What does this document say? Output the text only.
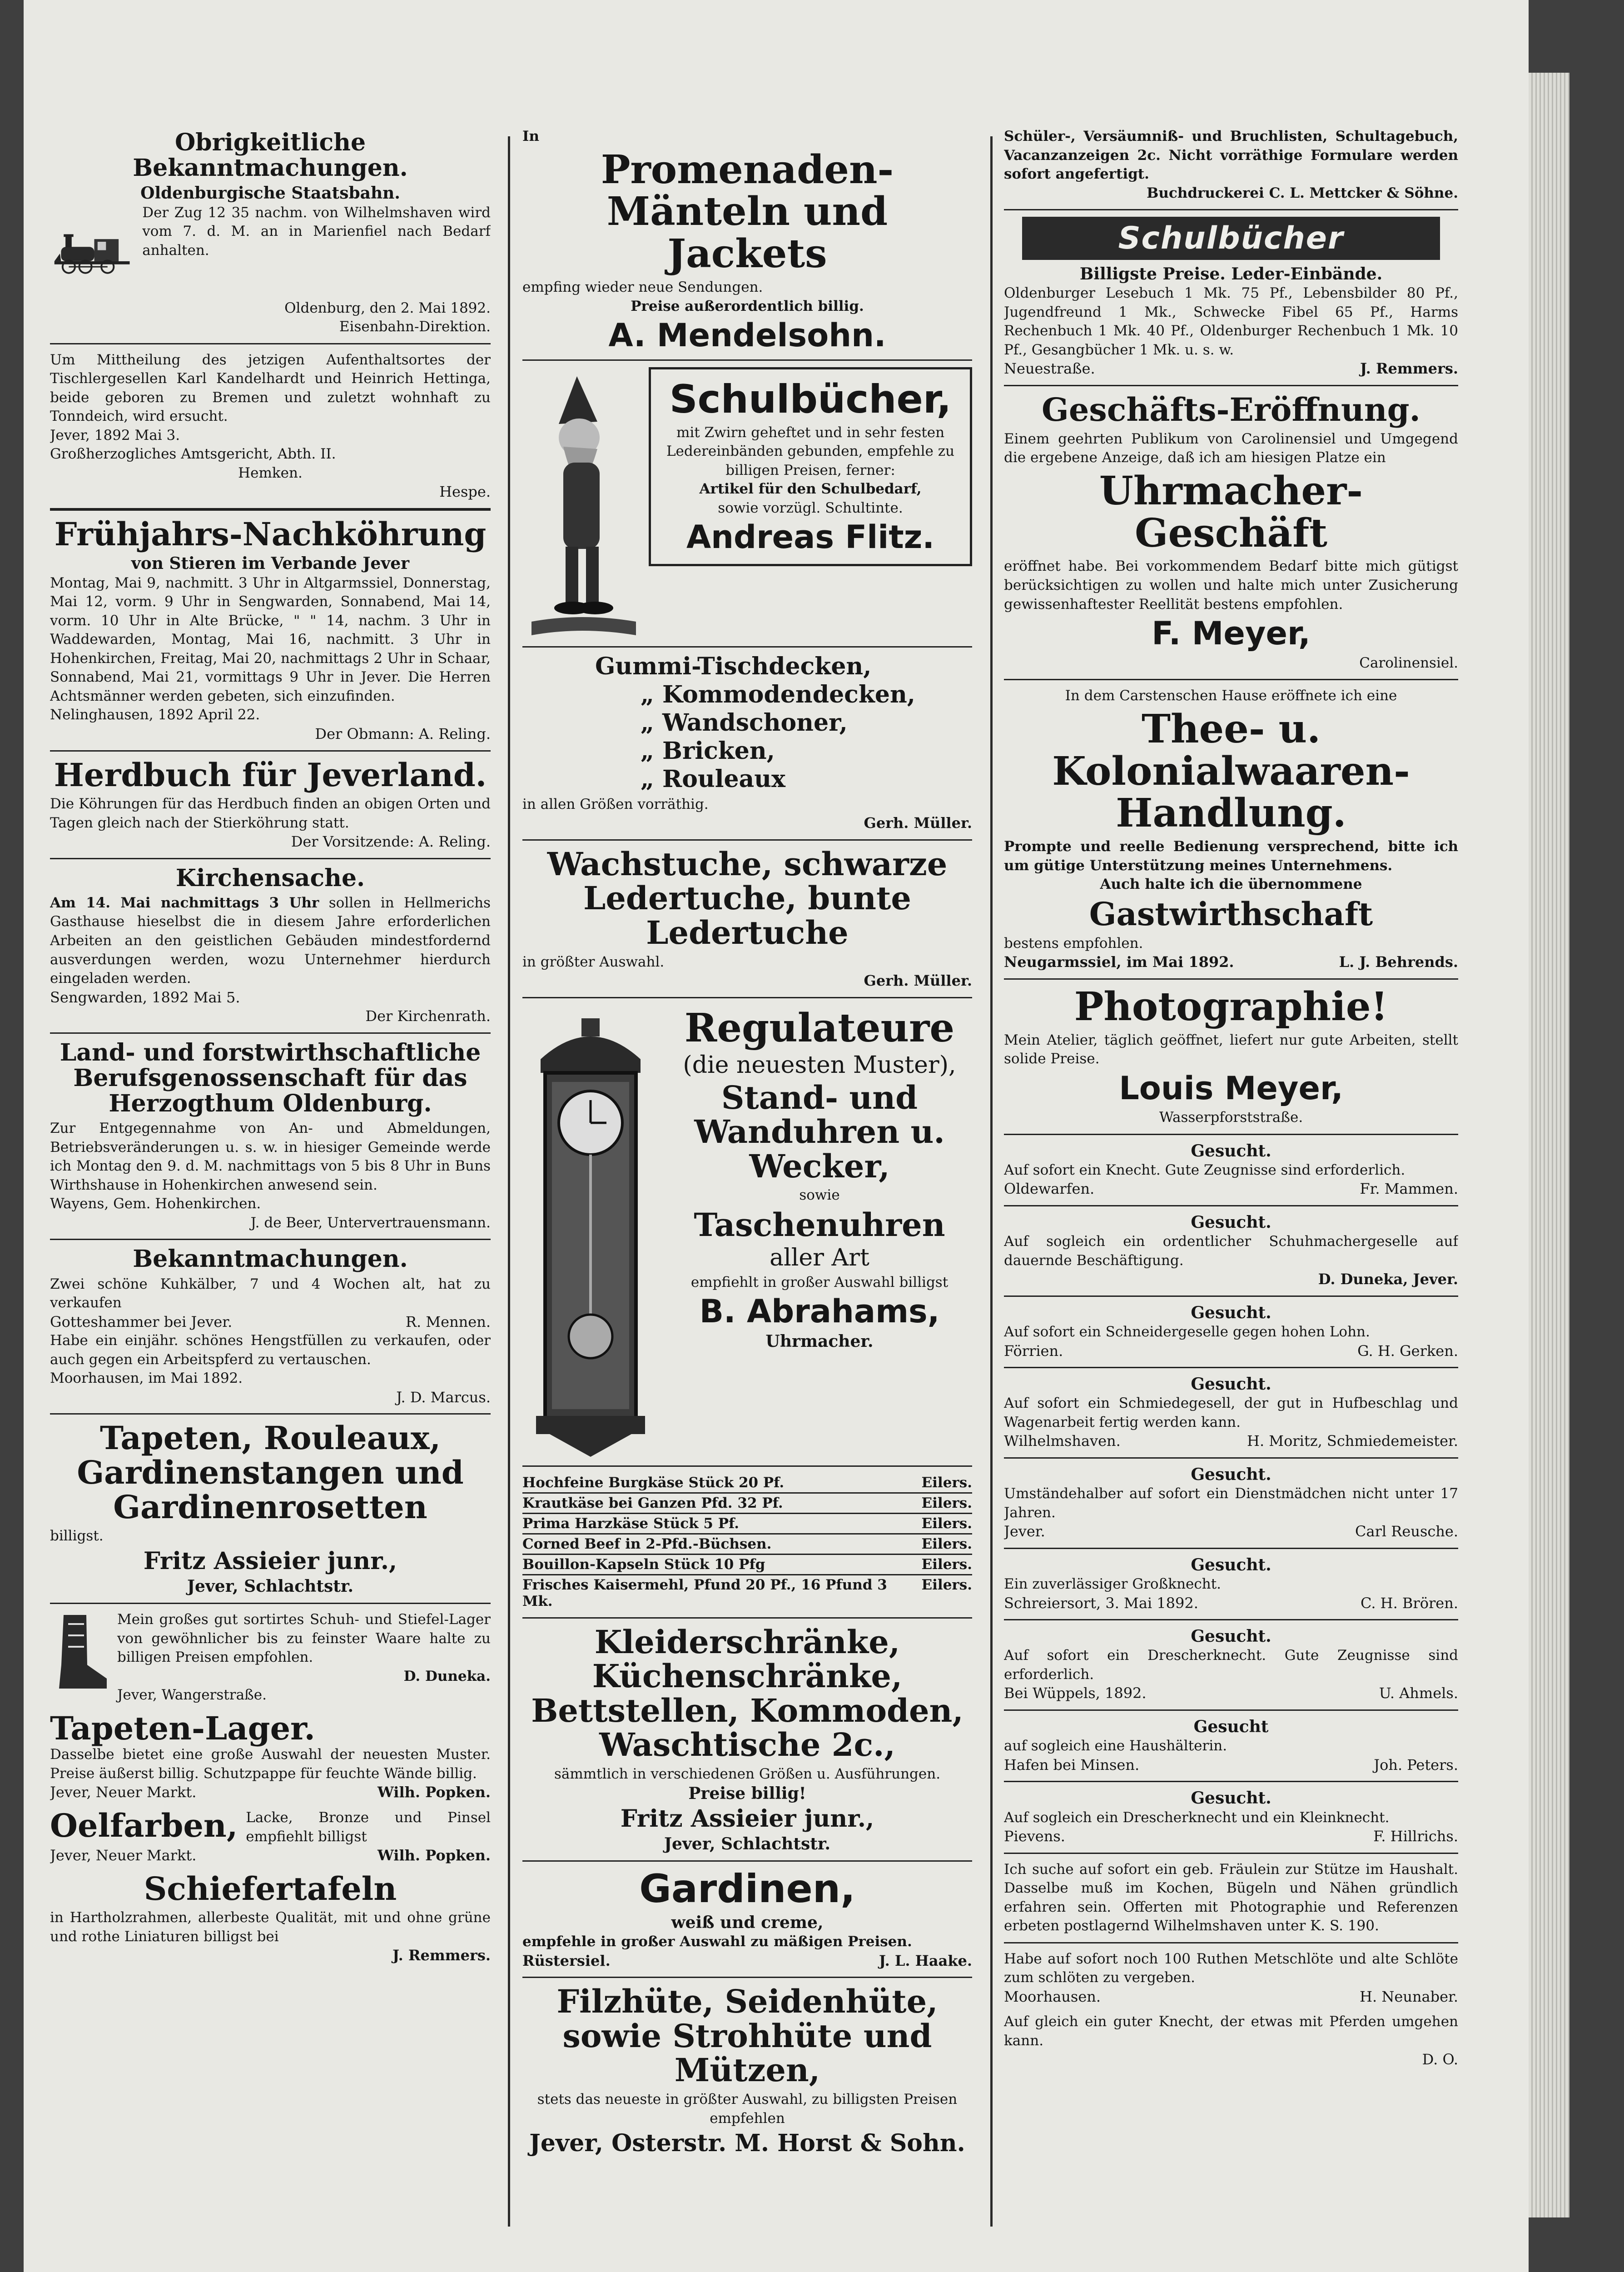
Obrigkeitliche Bekanntmachungen.
Oldenburgische Staatsbahn.
Der Zug 12 35 nachm. von Wilhelmshaven wird vom 7. d. M. an in Marienfiel nach Bedarf anhalten.
Oldenburg, den 2. Mai 1892.
Eisenbahn-Direktion.
Um Mittheilung des jetzigen Aufenthaltsortes der Tischlergesellen Karl Kandelhardt und Heinrich Hettinga, beide geboren zu Bremen und zuletzt wohnhaft zu Tonndeich, wird ersucht.
Jever, 1892 Mai 3.
Großherzogliches Amtsgericht, Abth. II.
Hemken.
Hespe.
Frühjahrs-Nachköhrung
von Stieren im Verbande Jever
Montag, Mai 9, nachmitt. 3 Uhr in Altgarmssiel, Donnerstag, Mai 12, vorm. 9 Uhr in Sengwarden, Sonnabend, Mai 14, vorm. 10 Uhr in Alte Brücke, " " 14, nachm. 3 Uhr in Waddewarden, Montag, Mai 16, nachmitt. 3 Uhr in Hohenkirchen, Freitag, Mai 20, nachmittags 2 Uhr in Schaar, Sonnabend, Mai 21, vormittags 9 Uhr in Jever. Die Herren Achtsmänner werden gebeten, sich einzufinden.
Nelinghausen, 1892 April 22.
Der Obmann: A. Reling.
Herdbuch für Jeverland.
Die Köhrungen für das Herdbuch finden an obigen Orten und Tagen gleich nach der Stierköhrung statt.
Der Vorsitzende: A. Reling.
Kirchensache.
Am 14. Mai nachmittags 3 Uhr sollen in Hellmerichs Gasthause hieselbst die in diesem Jahre erforderlichen Arbeiten an den geistlichen Gebäuden mindestfordernd ausverdungen werden, wozu Unternehmer hierdurch eingeladen werden.
Sengwarden, 1892 Mai 5.
Der Kirchenrath.
Land- und forstwirthschaftliche Berufsgenossenschaft für das Herzogthum Oldenburg.
Zur Entgegennahme von An- und Abmeldungen, Betriebsveränderungen u. s. w. in hiesiger Gemeinde werde ich Montag den 9. d. M. nachmittags von 5 bis 8 Uhr in Buns Wirthshause in Hohenkirchen anwesend sein.
Wayens, Gem. Hohenkirchen.
J. de Beer, Untervertrauensmann.
Bekanntmachungen.
Zwei schöne Kuhkälber, 7 und 4 Wochen alt, hat zu verkaufen
Gotteshammer bei Jever.	R. Mennen.
Habe ein einjähr. schönes Hengstfüllen zu verkaufen, oder auch gegen ein Arbeitspferd zu vertauschen.
Moorhausen, im Mai 1892.
J. D. Marcus.
Tapeten, Rouleaux, Gardinenstangen und Gardinenrosetten
billigst.
Fritz Assieier junr.,
Jever, Schlachtstr.
Mein großes gut sortirtes Schuh- und Stiefel-Lager von gewöhnlicher bis zu feinster Waare halte zu billigen Preisen empfohlen.
D. Duneka.
Jever, Wangerstraße.
Tapeten-Lager.
Dasselbe bietet eine große Auswahl der neuesten Muster. Preise äußerst billig. Schutzpappe für feuchte Wände billig.
Jever, Neuer Markt.	Wilh. Popken.
Oelfarben, Lacke, Bronze und Pinsel empfiehlt billigst
Jever, Neuer Markt.	Wilh. Popken.
Schiefertafeln
in Hartholzrahmen, allerbeste Qualität, mit und ohne grüne und rothe Liniaturen billigst bei
J. Remmers.
In
Promenaden-Mänteln und Jackets
empfing wieder neue Sendungen.
Preise außerordentlich billig.
A. Mendelsohn.
Schulbücher,
mit Zwirn geheftet und in sehr festen Ledereinbänden gebunden, empfehle zu billigen Preisen, ferner:
Artikel für den Schulbedarf,
sowie vorzügl. Schultinte.
Andreas Flitz.
Gummi-Tischdecken,
„ Kommodendecken,
„ Wandschoner,
„ Bricken,
„ Rouleaux
in allen Größen vorräthig.
Gerh. Müller.
Wachstuche, schwarze Ledertuche, bunte Ledertuche
in größter Auswahl.
Gerh. Müller.
Regulateure
(die neuesten Muster),
Stand- und Wanduhren u. Wecker,
sowie
Taschenuhren
aller Art
empfiehlt in großer Auswahl billigst
B. Abrahams,
Uhrmacher.
Hochfeine Burgkäse Stück 20 Pf.	Eilers.
Krautkäse bei Ganzen Pfd. 32 Pf.	Eilers.
Prima Harzkäse Stück 5 Pf.	Eilers.
Corned Beef in 2-Pfd.-Büchsen.	Eilers.
Bouillon-Kapseln Stück 10 Pfg	Eilers.
Frisches Kaisermehl, Pfund 20 Pf., 16 Pfund 3 Mk.
Eilers.
Kleiderschränke, Küchenschränke, Bettstellen, Kommoden, Waschtische 2c.,
sämmtlich in verschiedenen Größen u. Ausführungen.
Preise billig!
Fritz Assieier junr.,
Jever, Schlachtstr.
Gardinen,
weiß und creme,
empfehle in großer Auswahl zu mäßigen Preisen.
Rüstersiel.	J. L. Haake.
Filzhüte, Seidenhüte, sowie Strohhüte und Mützen,
stets das neueste in größter Auswahl, zu billigsten Preisen empfehlen
Jever, Osterstr. M. Horst & Sohn.
Schüler-, Versäumniß- und Bruchlisten, Schultagebuch, Vacanzanzeigen 2c. Nicht vorräthige Formulare werden sofort angefertigt.
Buchdruckerei C. L. Mettcker & Söhne.
Schulbücher
Billigste Preise. Leder-Einbände.
Oldenburger Lesebuch 1 Mk. 75 Pf., Lebensbilder 80 Pf., Jugendfreund 1 Mk., Schwecke Fibel 65 Pf., Harms Rechenbuch 1 Mk. 40 Pf., Oldenburger Rechenbuch 1 Mk. 10 Pf., Gesangbücher 1 Mk. u. s. w.
Neuestraße.	J. Remmers.
Geschäfts-Eröffnung.
Einem geehrten Publikum von Carolinensiel und Umgegend die ergebene Anzeige, daß ich am hiesigen Platze ein
Uhrmacher-Geschäft
eröffnet habe. Bei vorkommendem Bedarf bitte mich gütigst berücksichtigen zu wollen und halte mich unter Zusicherung gewissenhaftester Reellität bestens empfohlen.
F. Meyer,
Carolinensiel.
In dem Carstenschen Hause eröffnete ich eine
Thee- u. Kolonialwaaren-Handlung.
Prompte und reelle Bedienung versprechend, bitte ich um gütige Unterstützung meines Unternehmens.
Auch halte ich die übernommene
Gastwirthschaft
bestens empfohlen.
Neugarmssiel, im Mai 1892.	L. J. Behrends.
Photographie!
Mein Atelier, täglich geöffnet, liefert nur gute Arbeiten, stellt solide Preise.
Louis Meyer,
Wasserpforststraße.
Gesucht.
Auf sofort ein Knecht. Gute Zeugnisse sind erforderlich.
Oldewarfen.	Fr. Mammen.
Gesucht.
Auf sogleich ein ordentlicher Schuhmachergeselle auf dauernde Beschäftigung.
D. Duneka, Jever.
Gesucht.
Auf sofort ein Schneidergeselle gegen hohen Lohn.
Förrien.	G. H. Gerken.
Gesucht.
Auf sofort ein Schmiedegesell, der gut in Hufbeschlag und Wagenarbeit fertig werden kann.
Wilhelmshaven.	H. Moritz, Schmiedemeister.
Gesucht.
Umständehalber auf sofort ein Dienstmädchen nicht unter 17 Jahren.
Jever.	Carl Reusche.
Gesucht.
Ein zuverlässiger Großknecht.
Schreiersort, 3. Mai 1892.	C. H. Brören.
Gesucht.
Auf sofort ein Drescherknecht. Gute Zeugnisse sind erforderlich.
Bei Wüppels, 1892.	U. Ahmels.
Gesucht
auf sogleich eine Haushälterin.
Hafen bei Minsen.	Joh. Peters.
Gesucht.
Auf sogleich ein Drescherknecht und ein Kleinknecht.
Pievens.	F. Hillrichs.
Ich suche auf sofort ein geb. Fräulein zur Stütze im Haushalt. Dasselbe muß im Kochen, Bügeln und Nähen gründlich erfahren sein. Offerten mit Photographie und Referenzen erbeten postlagernd Wilhelmshaven unter K. S. 190.
Habe auf sofort noch 100 Ruthen Metschlöte und alte Schlöte zum schlöten zu vergeben.
Moorhausen.	H. Neunaber.
Auf gleich ein guter Knecht, der etwas mit Pferden umgehen kann.
D. O.
